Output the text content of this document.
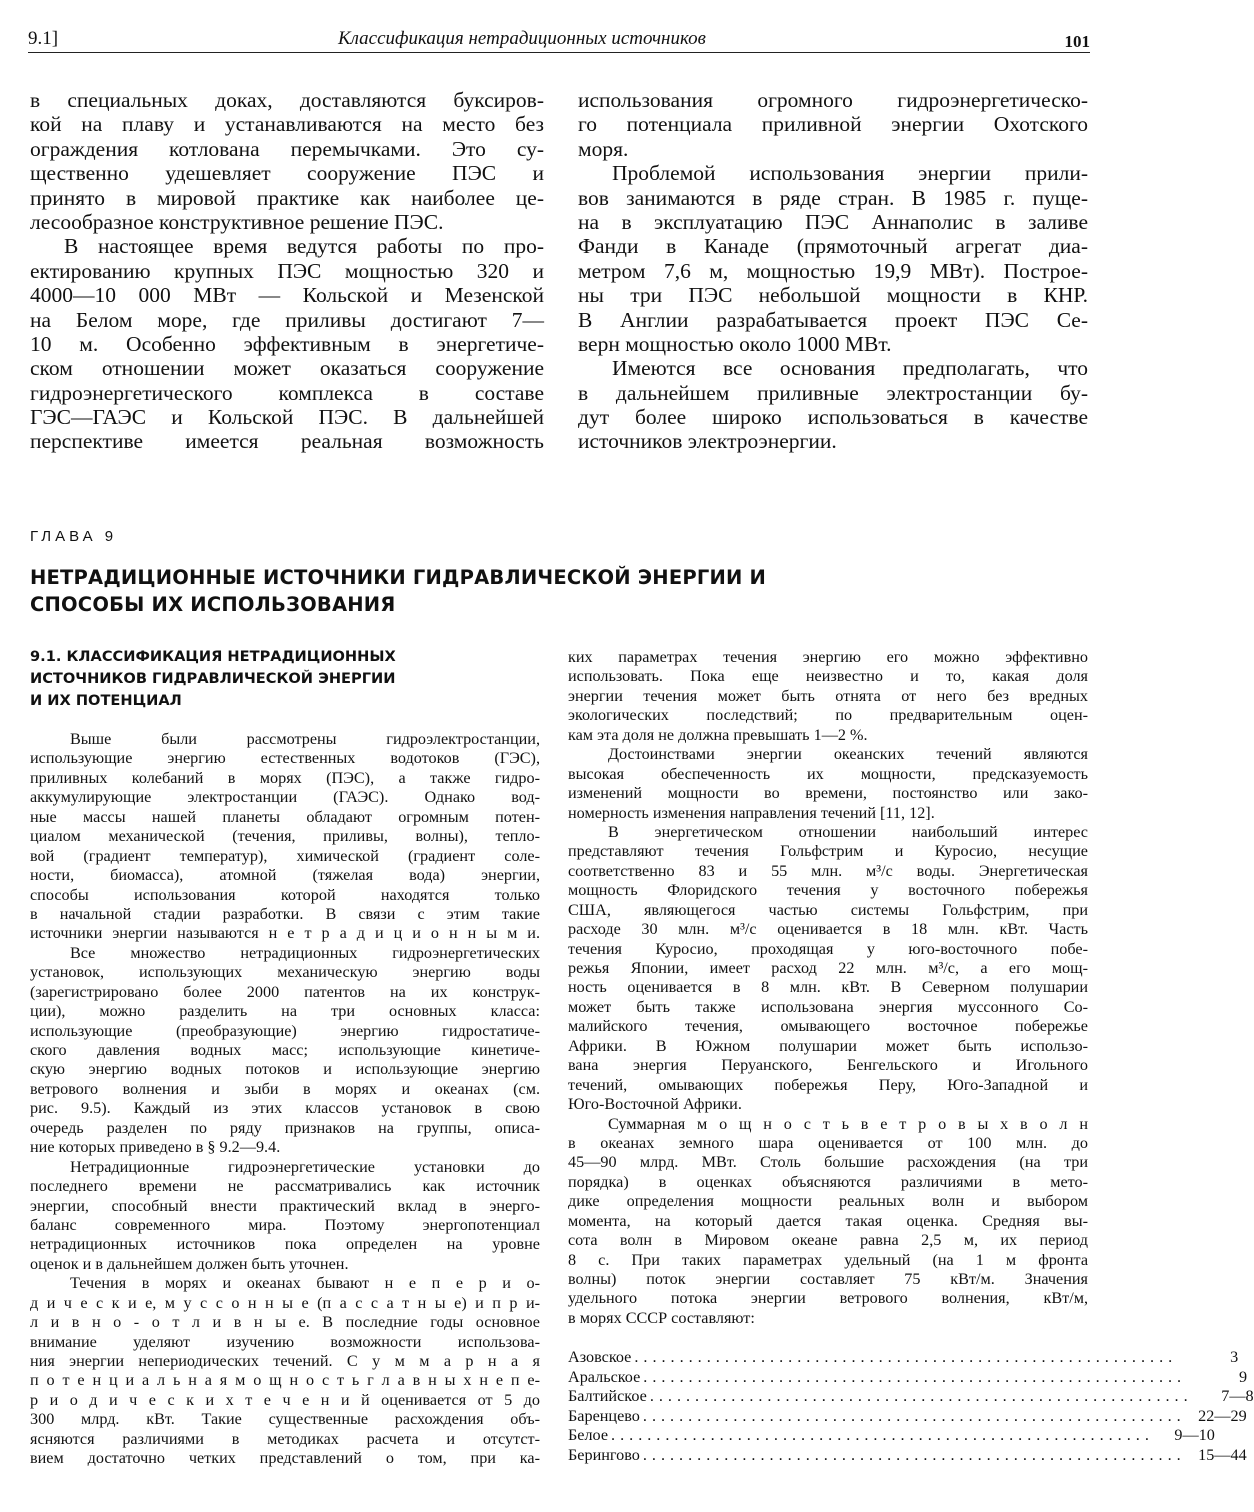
9.1]	Классификация нетрадиционных источников	101
в специальных доках, доставляются буксиров-
кой на плаву и устанавливаются на место без
ограждения котлована перемычками. Это су-
щественно удешевляет сооружение ПЭС и
принято в мировой практике как наиболее це-
лесообразное конструктивное решение ПЭС.
В настоящее время ведутся работы по про-
ектированию крупных ПЭС мощностью 320 и
4000—10 000 МВт — Кольской и Мезенской
на Белом море, где приливы достигают 7—
10 м. Особенно эффективным в энергетиче-
ском отношении может оказаться сооружение
гидроэнергетического комплекса в составе
ГЭС—ГАЭС и Кольской ПЭС. В дальнейшей
перспективе имеется реальная возможность
использования огромного гидроэнергетическо-
го потенциала приливной энергии Охотского
моря.
Проблемой использования энергии прили-
вов занимаются в ряде стран. В 1985 г. пуще-
на в эксплуатацию ПЭС Аннаполис в заливе
Фанди в Канаде (прямоточный агрегат диа-
метром 7,6 м, мощностью 19,9 МВт). Построе-
ны три ПЭС небольшой мощности в КНР.
В Англии разрабатывается проект ПЭС Се-
верн мощностью около 1000 МВт.
Имеются все основания предполагать, что
в дальнейшем приливные электростанции бу-
дут более широко использоваться в качестве
источников электроэнергии.
ГЛАВА 9
НЕТРАДИЦИОННЫЕ ИСТОЧНИКИ ГИДРАВЛИЧЕСКОЙ ЭНЕРГИИ И
СПОСОБЫ ИХ ИСПОЛЬЗОВАНИЯ
9.1. КЛАССИФИКАЦИЯ НЕТРАДИЦИОННЫХ
ИСТОЧНИКОВ ГИДРАВЛИЧЕСКОЙ ЭНЕРГИИ
И ИХ ПОТЕНЦИАЛ
Выше были рассмотрены гидроэлектростанции,
использующие энергию естественных водотоков (ГЭС),
приливных колебаний в морях (ПЭС), а также гидро-
аккумулирующие электростанции (ГАЭС). Однако вод-
ные массы нашей планеты обладают огромным потен-
циалом механической (течения, приливы, волны), тепло-
вой (градиент температур), химической (градиент соле-
ности, биомасса), атомной (тяжелая вода) энергии,
способы использования которой находятся только
в начальной стадии разработки. В связи с этим такие
источники энергии называются н е т р а д и ц и о н н ы м и.
Все множество нетрадиционных гидроэнергетических
установок, использующих механическую энергию воды
(зарегистрировано более 2000 патентов на их конструк-
ции), можно разделить на три основных класса:
использующие (преобразующие) энергию гидростатиче-
ского давления водных масс; использующие кинетиче-
скую энергию водных потоков и использующие энергию
ветрового волнения и зыби в морях и океанах (см.
рис. 9.5). Каждый из этих классов установок в свою
очередь разделен по ряду признаков на группы, описа-
ние которых приведено в § 9.2—9.4.
Нетрадиционные гидроэнергетические установки до
последнего времени не рассматривались как источник
энергии, способный внести практический вклад в энерго-
баланс современного мира. Поэтому энергопотенциал
нетрадиционных источников пока определен на уровне
оценок и в дальнейшем должен быть уточнен.
Течения в морях и океанах бывают н е п е р и о-
д и ч е с к и е, м у с с о н н ы е (п а с с а т н ы е) и п р и-
л и в н о - о т л и в н ы е. В последние годы основное
внимание уделяют изучению возможности использова-
ния энергии непериодических течений. С у м м а р н а я
п о т е н ц и а л ь н а я м о щ н о с т ь г л а в н ы х н е п е-
р и о д и ч е с к и х т е ч е н и й оценивается от 5 до
300 млрд. кВт. Такие существенные расхождения объ-
ясняются различиями в методиках расчета и отсутст-
вием достаточно четких представлений о том, при ка-
ких параметрах течения энергию его можно эффективно
использовать. Пока еще неизвестно и то, какая доля
энергии течения может быть отнята от него без вредных
экологических последствий; по предварительным оцен-
кам эта доля не должна превышать 1—2 %.
Достоинствами энергии океанских течений являются
высокая обеспеченность их мощности, предсказуемость
изменений мощности во времени, постоянство или зако-
номерность изменения направления течений [11, 12].
В энергетическом отношении наибольший интерес
представляют течения Гольфстрим и Куросио, несущие
соответственно 83 и 55 млн. м³/с воды. Энергетическая
мощность Флоридского течения у восточного побережья
США, являющегося частью системы Гольфстрим, при
расходе 30 млн. м³/с оценивается в 18 млн. кВт. Часть
течения Куросио, проходящая у юго-восточного побе-
режья Японии, имеет расход 22 млн. м³/с, а его мощ-
ность оценивается в 8 млн. кВт. В Северном полушарии
может быть также использована энергия муссонного Со-
малийского течения, омывающего восточное побережье
Африки. В Южном полушарии может быть использо-
вана энергия Перуанского, Бенгельского и Игольного
течений, омывающих побережья Перу, Юго-Западной и
Юго-Восточной Африки.
Суммарная м о щ н о с т ь в е т р о в ы х в о л н
в океанах земного шара оценивается от 100 млн. до
45—90 млрд. МВт. Столь большие расхождения (на три
порядка) в оценках объясняются различиями в мето-
дике определения мощности реальных волн и выбором
момента, на который дается такая оценка. Средняя вы-
сота волн в Мировом океане равна 2,5 м, их период
8 с. При таких параметрах удельный (на 1 м фронта
волны) поток энергии составляет 75 кВт/м. Значения
удельного потока энергии ветрового волнения, кВт/м,
в морях СССР составляют:
Азовское ............................................................	3
Аральское ............................................................	9
Балтийское ............................................................	7—8
Баренцево ............................................................ 22—29
Белое ............................................................	9—10
Берингово ............................................................ 15—44
